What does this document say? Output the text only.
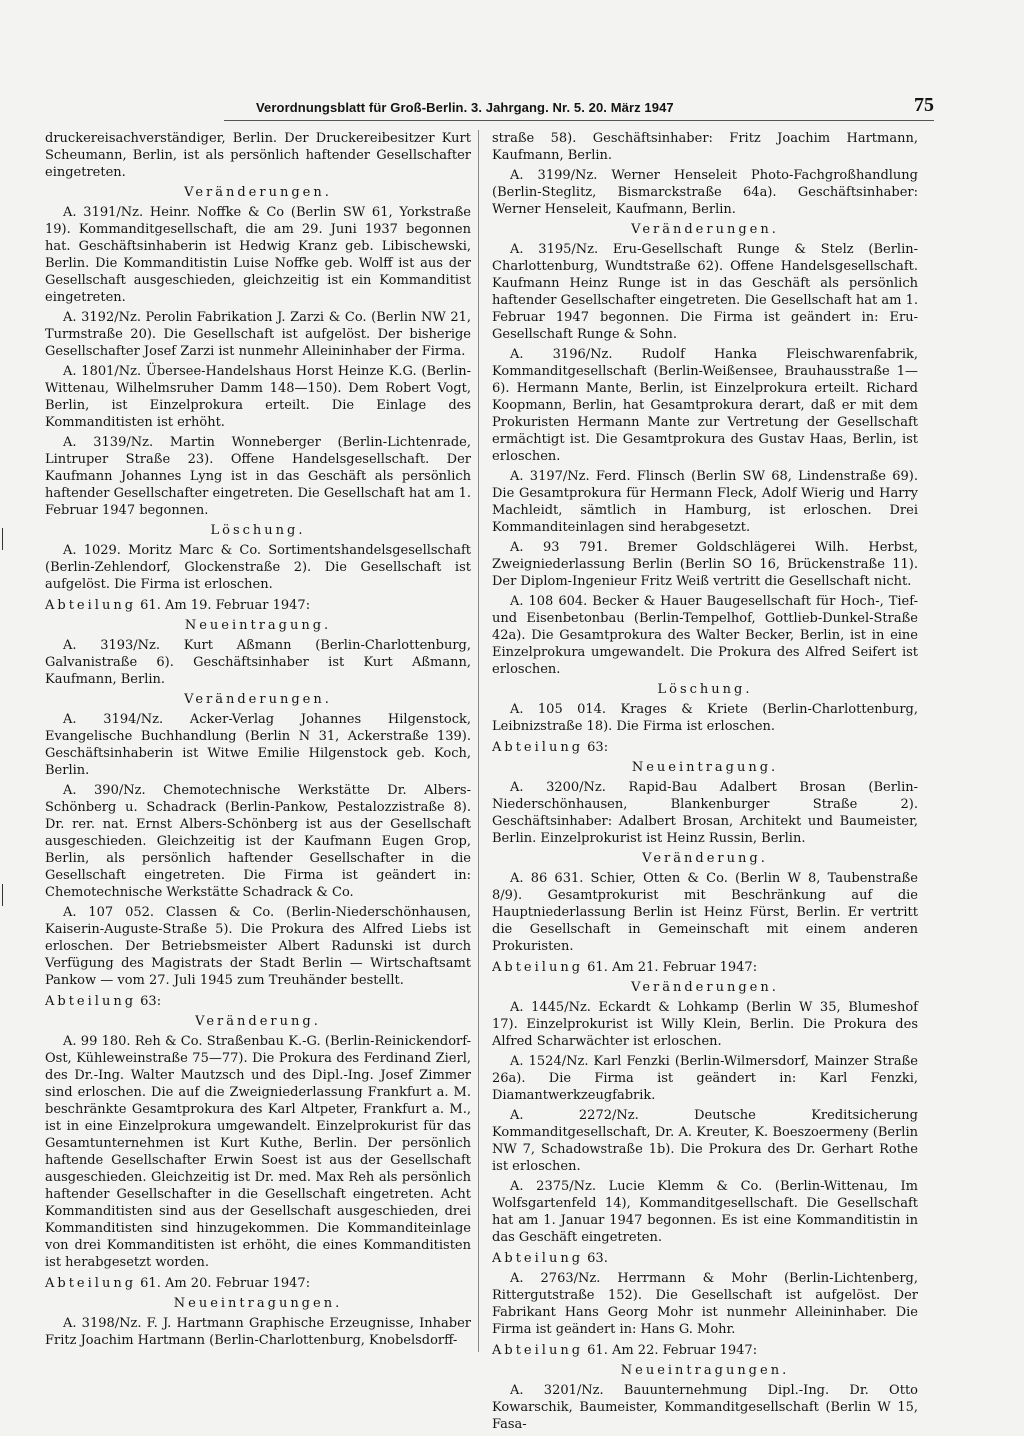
Verordnungsblatt für Groß-Berlin. 3. Jahrgang. Nr. 5. 20. März 1947	75
druckereisachverständiger, Berlin. Der Druckereibesitzer Kurt Scheumann, Berlin, ist als persönlich haftender Gesellschafter eingetreten.
Veränderungen.
A. 3191/Nz. Heinr. Noffke & Co (Berlin SW 61, Yorkstraße 19). Kommanditgesellschaft, die am 29. Juni 1937 begonnen hat. Geschäftsinhaberin ist Hedwig Kranz geb. Libischewski, Berlin. Die Kommanditistin Luise Noffke geb. Wolff ist aus der Gesellschaft ausgeschieden, gleichzeitig ist ein Kommanditist eingetreten.
A. 3192/Nz. Perolin Fabrikation J. Zarzi & Co. (Berlin NW 21, Turmstraße 20). Die Gesellschaft ist aufgelöst. Der bisherige Gesellschafter Josef Zarzi ist nunmehr Alleininhaber der Firma.
A. 1801/Nz. Übersee-Handelshaus Horst Heinze K.G. (Berlin-Wittenau, Wilhelmsruher Damm 148—150). Dem Robert Vogt, Berlin, ist Einzelprokura erteilt. Die Einlage des Kommanditisten ist erhöht.
A. 3139/Nz. Martin Wonneberger (Berlin-Lichtenrade, Lintruper Straße 23). Offene Handelsgesellschaft. Der Kaufmann Johannes Lyng ist in das Geschäft als persönlich haftender Gesellschafter eingetreten. Die Gesellschaft hat am 1. Februar 1947 begonnen.
Löschung.
A. 1029. Moritz Marc & Co. Sortimentshandelsgesellschaft (Berlin-Zehlendorf, Glockenstraße 2). Die Gesellschaft ist aufgelöst. Die Firma ist erloschen.
Abteilung 61. Am 19. Februar 1947:
Neueintragung.
A. 3193/Nz. Kurt Aßmann (Berlin-Charlottenburg, Galvanistraße 6). Geschäftsinhaber ist Kurt Aßmann, Kaufmann, Berlin.
Veränderungen.
A. 3194/Nz. Acker-Verlag Johannes Hilgenstock, Evangelische Buchhandlung (Berlin N 31, Ackerstraße 139). Geschäftsinhaberin ist Witwe Emilie Hilgenstock geb. Koch, Berlin.
A. 390/Nz. Chemotechnische Werkstätte Dr. Albers-Schönberg u. Schadrack (Berlin-Pankow, Pestalozzistraße 8). Dr. rer. nat. Ernst Albers-Schönberg ist aus der Gesellschaft ausgeschieden. Gleichzeitig ist der Kaufmann Eugen Grop, Berlin, als persönlich haftender Gesellschafter in die Gesellschaft eingetreten. Die Firma ist geändert in: Chemotechnische Werkstätte Schadrack & Co.
A. 107 052. Classen & Co. (Berlin-Niederschönhausen, Kaiserin-Auguste-Straße 5). Die Prokura des Alfred Liebs ist erloschen. Der Betriebsmeister Albert Radunski ist durch Verfügung des Magistrats der Stadt Berlin — Wirtschaftsamt Pankow — vom 27. Juli 1945 zum Treuhänder bestellt.
Abteilung 63:
Veränderung.
A. 99 180. Reh & Co. Straßenbau K.-G. (Berlin-Reinickendorf-Ost, Kühleweinstraße 75—77). Die Prokura des Ferdinand Zierl, des Dr.-Ing. Walter Mautzsch und des Dipl.-Ing. Josef Zimmer sind erloschen. Die auf die Zweigniederlassung Frankfurt a. M. beschränkte Gesamtprokura des Karl Altpeter, Frankfurt a. M., ist in eine Einzelprokura umgewandelt. Einzelprokurist für das Gesamtunternehmen ist Kurt Kuthe, Berlin. Der persönlich haftende Gesellschafter Erwin Soest ist aus der Gesellschaft ausgeschieden. Gleichzeitig ist Dr. med. Max Reh als persönlich haftender Gesellschafter in die Gesellschaft eingetreten. Acht Kommanditisten sind aus der Gesellschaft ausgeschieden, drei Kommanditisten sind hinzugekommen. Die Kommanditeinlage von drei Kommanditisten ist erhöht, die eines Kommanditisten ist herabgesetzt worden.
Abteilung 61. Am 20. Februar 1947:
Neueintragungen.
A. 3198/Nz. F. J. Hartmann Graphische Erzeugnisse, Inhaber Fritz Joachim Hartmann (Berlin-Charlottenburg, Knobelsdorff-
straße 58). Geschäftsinhaber: Fritz Joachim Hartmann, Kaufmann, Berlin.
A. 3199/Nz. Werner Henseleit Photo-Fachgroßhandlung (Berlin-Steglitz, Bismarckstraße 64a). Geschäftsinhaber: Werner Henseleit, Kaufmann, Berlin.
Veränderungen.
A. 3195/Nz. Eru-Gesellschaft Runge & Stelz (Berlin-Charlottenburg, Wundtstraße 62). Offene Handelsgesellschaft. Kaufmann Heinz Runge ist in das Geschäft als persönlich haftender Gesellschafter eingetreten. Die Gesellschaft hat am 1. Februar 1947 begonnen. Die Firma ist geändert in: Eru-Gesellschaft Runge & Sohn.
A. 3196/Nz. Rudolf Hanka Fleischwarenfabrik, Kommanditgesellschaft (Berlin-Weißensee, Brauhausstraße 1—6). Hermann Mante, Berlin, ist Einzelprokura erteilt. Richard Koopmann, Berlin, hat Gesamtprokura derart, daß er mit dem Prokuristen Hermann Mante zur Vertretung der Gesellschaft ermächtigt ist. Die Gesamtprokura des Gustav Haas, Berlin, ist erloschen.
A. 3197/Nz. Ferd. Flinsch (Berlin SW 68, Lindenstraße 69). Die Gesamtprokura für Hermann Fleck, Adolf Wierig und Harry Machleidt, sämtlich in Hamburg, ist erloschen. Drei Kommanditeinlagen sind herabgesetzt.
A. 93 791. Bremer Goldschlägerei Wilh. Herbst, Zweigniederlassung Berlin (Berlin SO 16, Brückenstraße 11). Der Diplom-Ingenieur Fritz Weiß vertritt die Gesellschaft nicht.
A. 108 604. Becker & Hauer Baugesellschaft für Hoch-, Tief- und Eisenbetonbau (Berlin-Tempelhof, Gottlieb-Dunkel-Straße 42a). Die Gesamtprokura des Walter Becker, Berlin, ist in eine Einzelprokura umgewandelt. Die Prokura des Alfred Seifert ist erloschen.
Löschung.
A. 105 014. Krages & Kriete (Berlin-Charlottenburg, Leibnizstraße 18). Die Firma ist erloschen.
Abteilung 63:
Neueintragung.
A. 3200/Nz. Rapid-Bau Adalbert Brosan (Berlin-Niederschönhausen, Blankenburger Straße 2). Geschäftsinhaber: Adalbert Brosan, Architekt und Baumeister, Berlin. Einzelprokurist ist Heinz Russin, Berlin.
Veränderung.
A. 86 631. Schier, Otten & Co. (Berlin W 8, Taubenstraße 8/9). Gesamtprokurist mit Beschränkung auf die Hauptniederlassung Berlin ist Heinz Fürst, Berlin. Er vertritt die Gesellschaft in Gemeinschaft mit einem anderen Prokuristen.
Abteilung 61. Am 21. Februar 1947:
Veränderungen.
A. 1445/Nz. Eckardt & Lohkamp (Berlin W 35, Blumeshof 17). Einzelprokurist ist Willy Klein, Berlin. Die Prokura des Alfred Scharwächter ist erloschen.
A. 1524/Nz. Karl Fenzki (Berlin-Wilmersdorf, Mainzer Straße 26a). Die Firma ist geändert in: Karl Fenzki, Diamantwerkzeugfabrik.
A. 2272/Nz. Deutsche Kreditsicherung Kommanditgesellschaft, Dr. A. Kreuter, K. Boeszoermeny (Berlin NW 7, Schadowstraße 1b). Die Prokura des Dr. Gerhart Rothe ist erloschen.
A. 2375/Nz. Lucie Klemm & Co. (Berlin-Wittenau, Im Wolfsgartenfeld 14), Kommanditgesellschaft. Die Gesellschaft hat am 1. Januar 1947 begonnen. Es ist eine Kommanditistin in das Geschäft eingetreten.
Abteilung 63.
A. 2763/Nz. Herrmann & Mohr (Berlin-Lichtenberg, Rittergutstraße 152). Die Gesellschaft ist aufgelöst. Der Fabrikant Hans Georg Mohr ist nunmehr Alleininhaber. Die Firma ist geändert in: Hans G. Mohr.
Abteilung 61. Am 22. Februar 1947:
Neueintragungen.
A. 3201/Nz. Bauunternehmung Dipl.-Ing. Dr. Otto Kowarschik, Baumeister, Kommanditgesellschaft (Berlin W 15, Fasa-
